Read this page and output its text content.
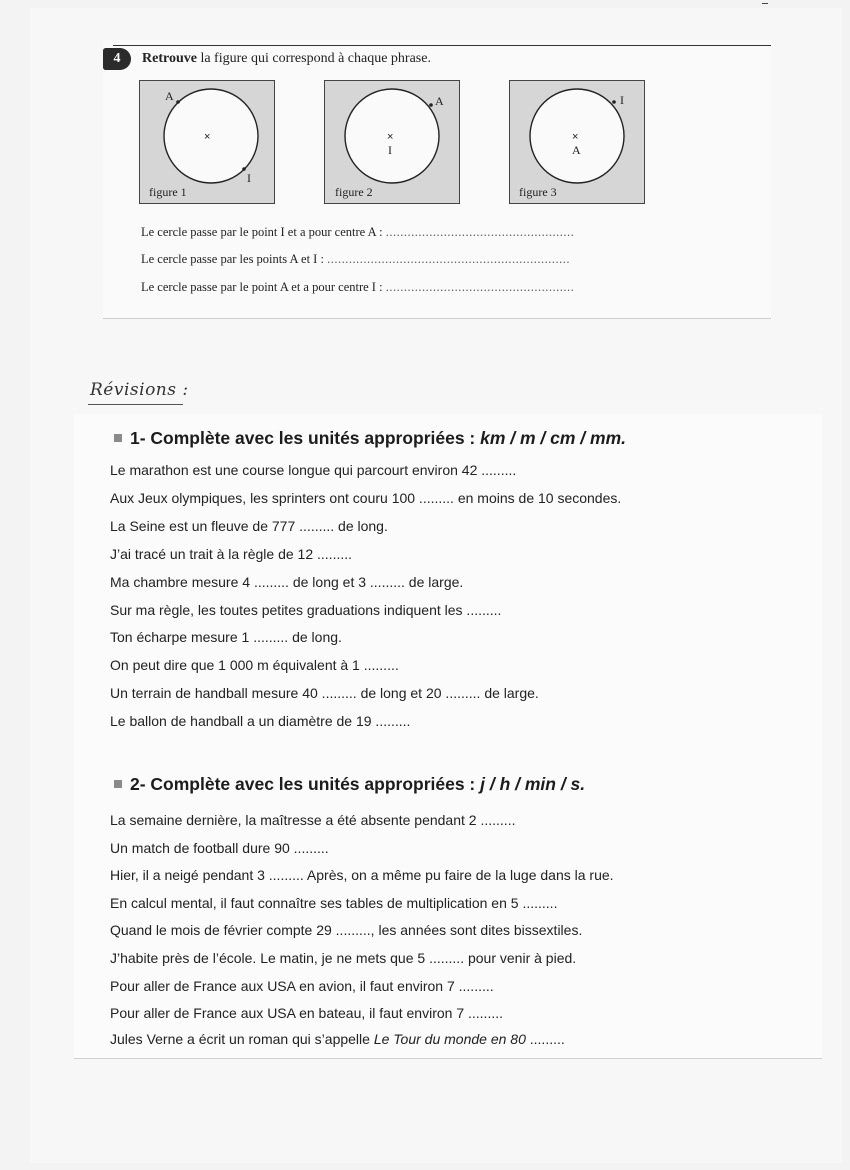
4	Retrouve la figure qui correspond à chaque phrase.
×
A
I
figure 1
×
I
A
figure 2
×
A
I
figure 3
Le cercle passe par le point I et a pour centre A : ....................................................
Le cercle passe par les points A et I : ...................................................................
Le cercle passe par le point A et a pour centre I : ....................................................
Révisions :
1- Complète avec les unités appropriées : km / m / cm / mm.
Le marathon est une course longue qui parcourt environ 42 .........
Aux Jeux olympiques, les sprinters ont couru 100 ......... en moins de 10 secondes.
La Seine est un fleuve de 777 ......... de long.
J’ai tracé un trait à la règle de 12 .........
Ma chambre mesure 4 ......... de long et 3 ......... de large.
Sur ma règle, les toutes petites graduations indiquent les .........
Ton écharpe mesure 1 ......... de long.
On peut dire que 1 000 m équivalent à 1 .........
Un terrain de handball mesure 40 ......... de long et 20 ......... de large.
Le ballon de handball a un diamètre de 19 .........
2- Complète avec les unités appropriées : j / h / min / s.
La semaine dernière, la maîtresse a été absente pendant 2 .........
Un match de football dure 90 .........
Hier, il a neigé pendant 3 ......... Après, on a même pu faire de la luge dans la rue.
En calcul mental, il faut connaître ses tables de multiplication en 5 .........
Quand le mois de février compte 29 ........., les années sont dites bissextiles.
J’habite près de l’école. Le matin, je ne mets que 5 ......... pour venir à pied.
Pour aller de France aux USA en avion, il faut environ 7 .........
Pour aller de France aux USA en bateau, il faut environ 7 .........
Jules Verne a écrit un roman qui s’appelle Le Tour du monde en 80 .........
